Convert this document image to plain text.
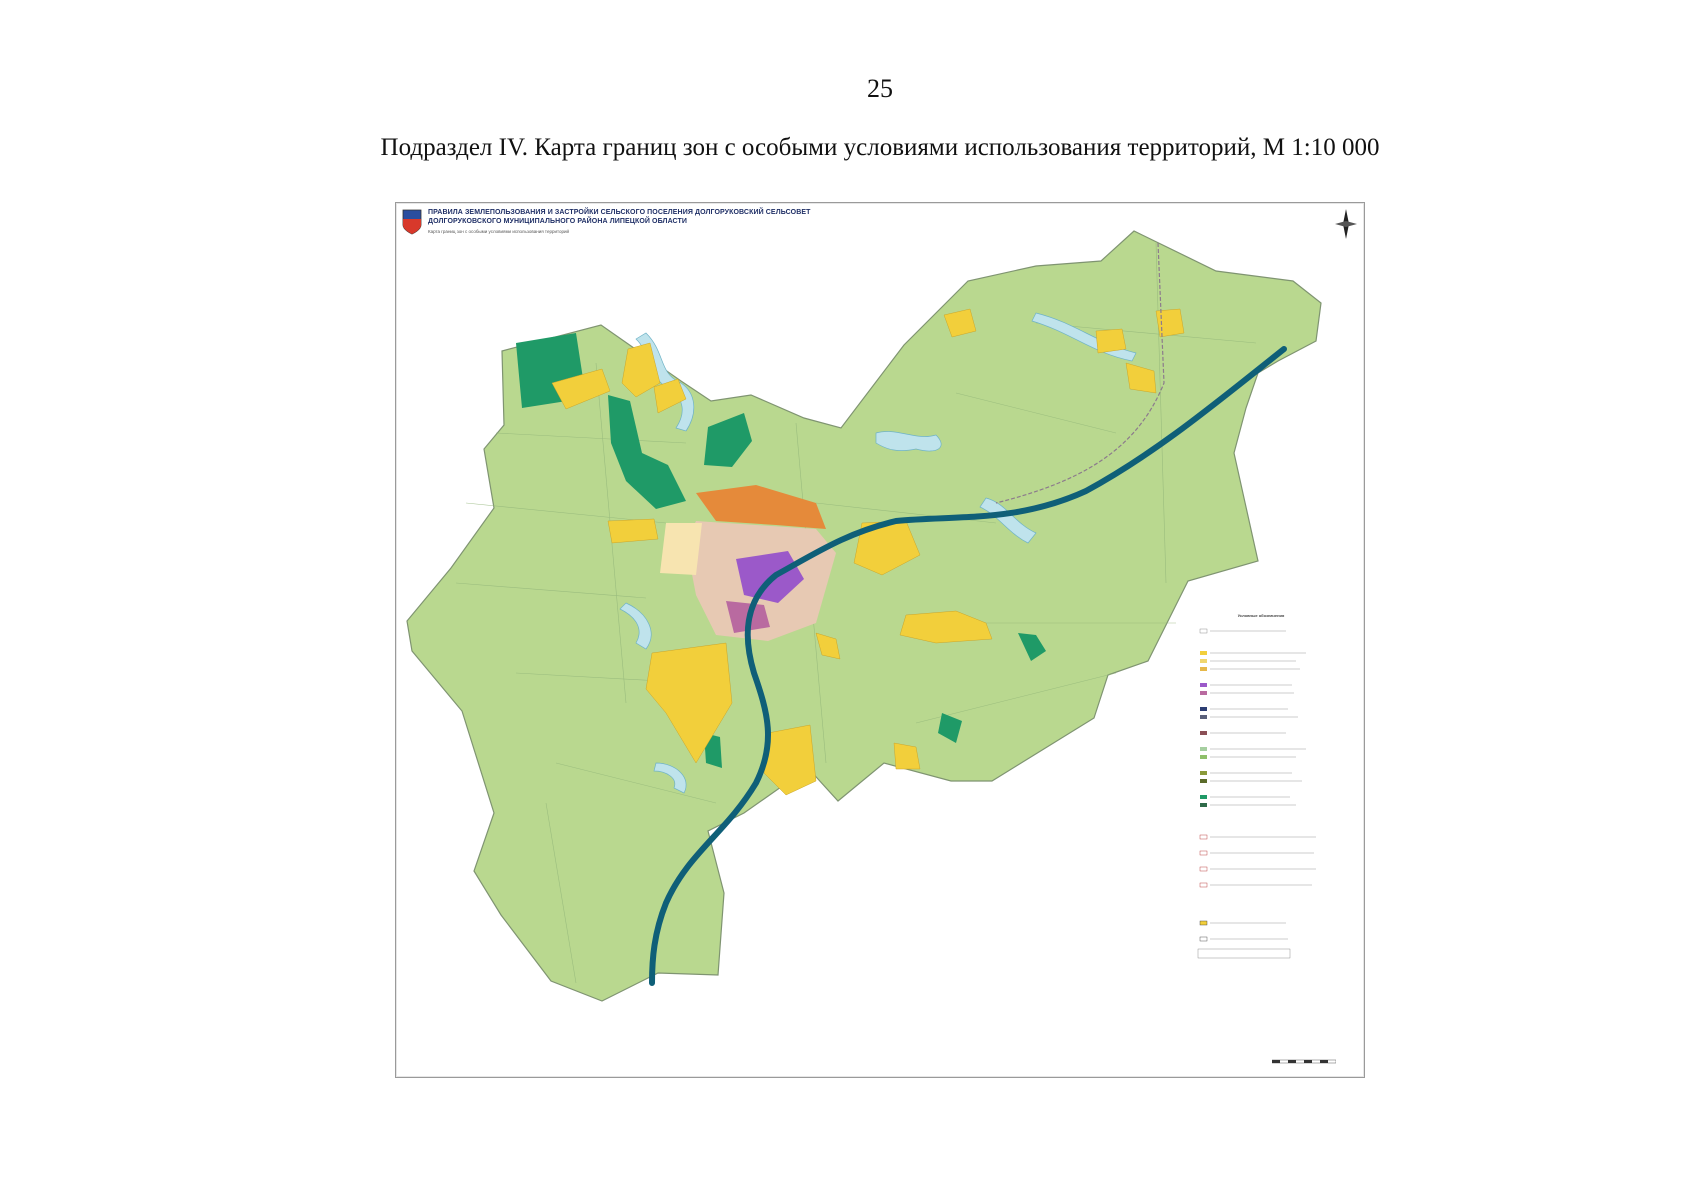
25
Подраздел IV. Карта границ зон с особыми условиями использования территорий, М 1:10 000
ПРАВИЛА ЗЕМЛЕПОЛЬЗОВАНИЯ И ЗАСТРОЙКИ СЕЛЬСКОГО ПОСЕЛЕНИЯ ДОЛГОРУКОВСКИЙ СЕЛЬСОВЕТ
ДОЛГОРУКОВСКОГО МУНИЦИПАЛЬНОГО РАЙОНА ЛИПЕЦКОЙ ОБЛАСТИ
Карта границ зон с особыми условиями использования территорий
Условные обозначения
